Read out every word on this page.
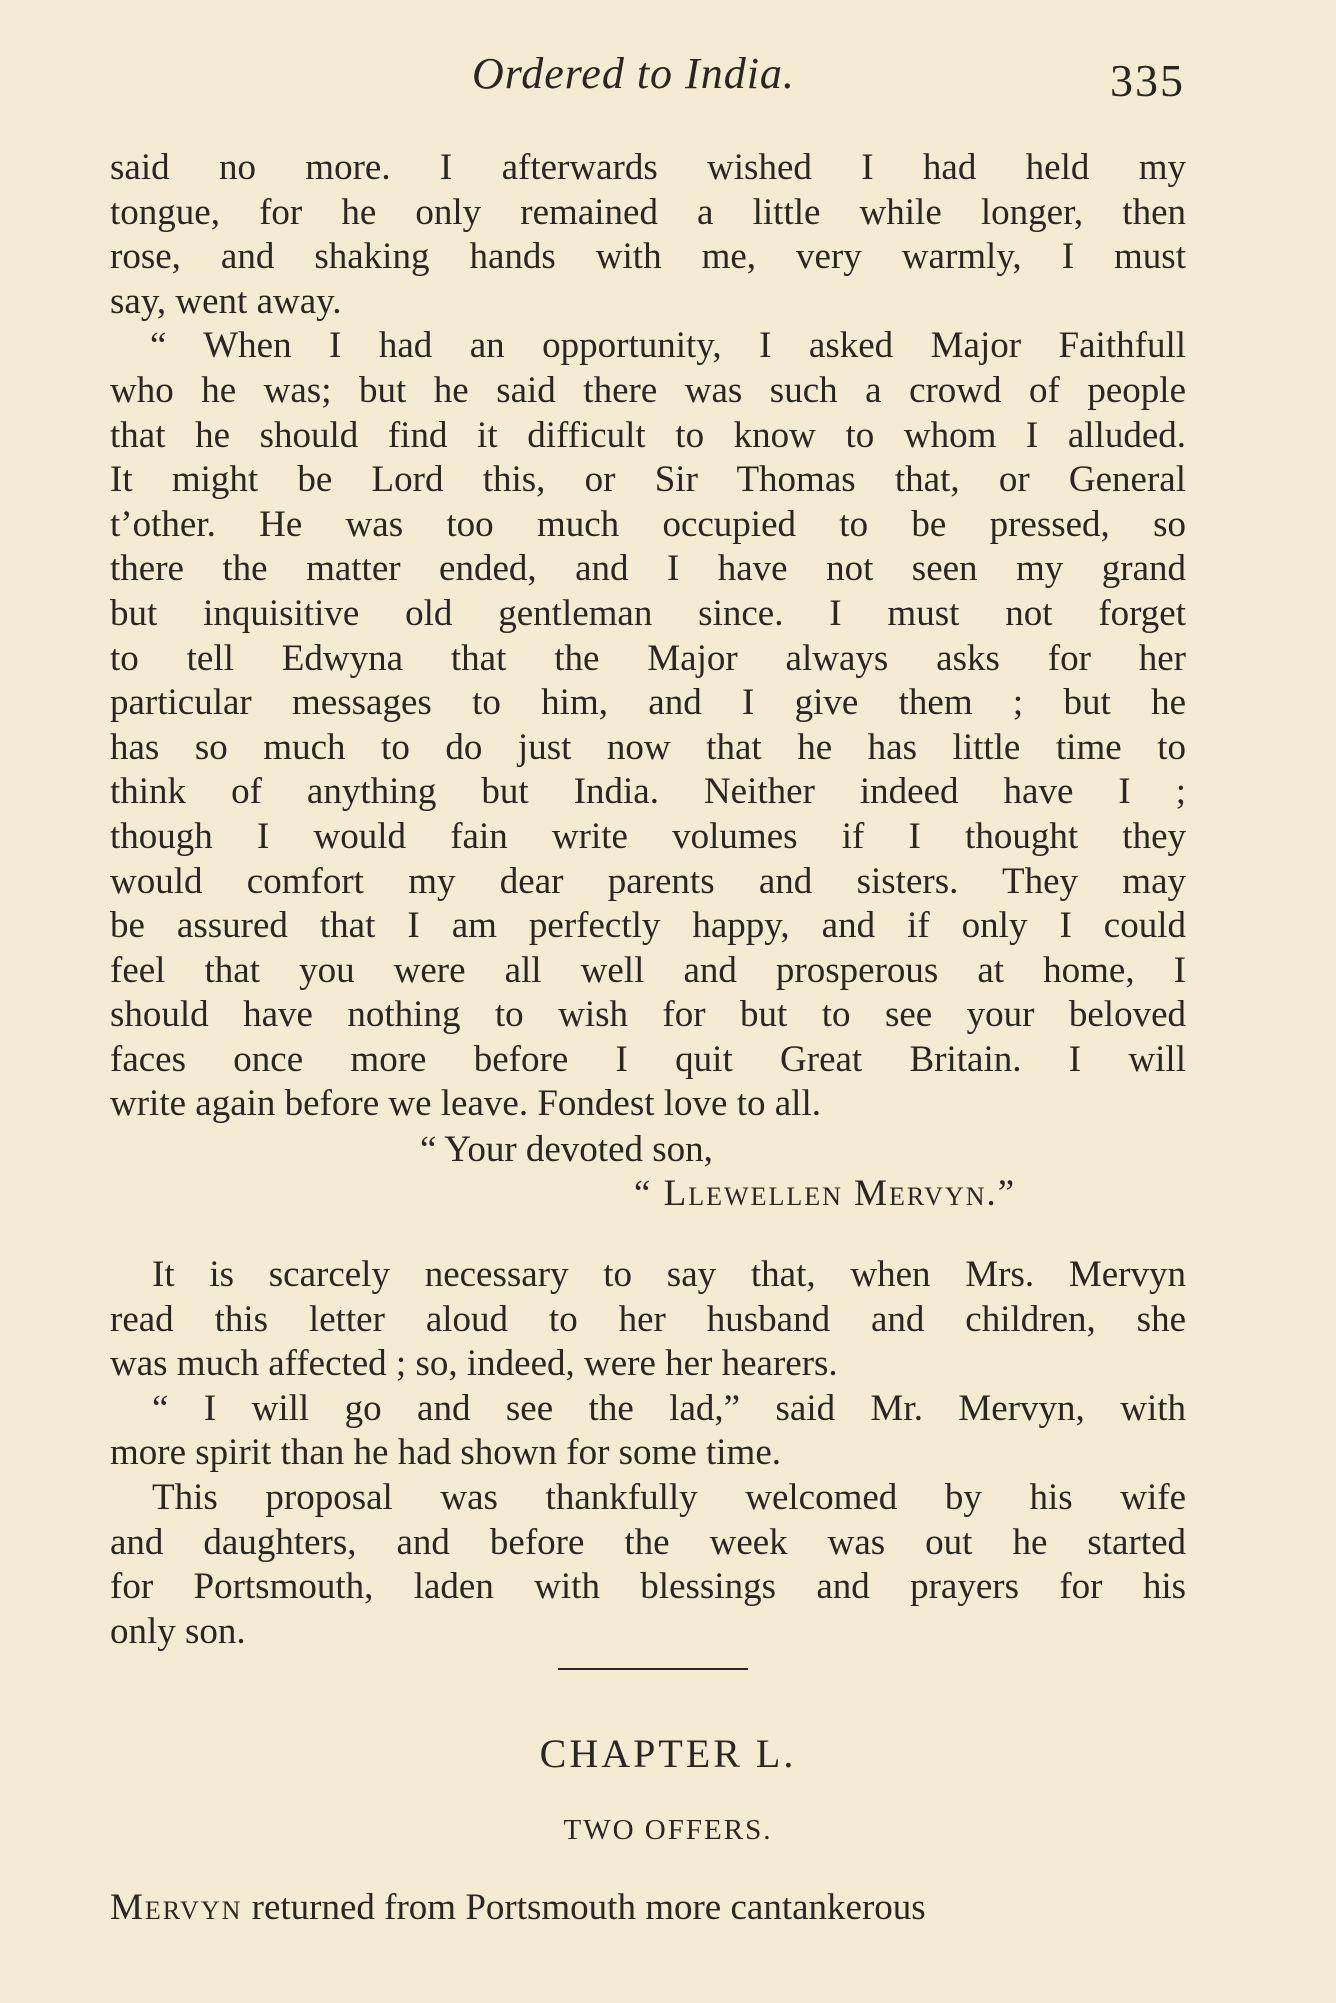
Ordered to India.	335
said no more. I afterwards wished I had held my
tongue, for he only remained a little while longer, then
rose, and shaking hands with me, very warmly, I must
say, went away.
“ When I had an opportunity, I asked Major Faithfull
who he was; but he said there was such a crowd of people
that he should find it difficult to know to whom I alluded.
It might be Lord this, or Sir Thomas that, or General
t’other. He was too much occupied to be pressed, so
there the matter ended, and I have not seen my grand
but inquisitive old gentleman since. I must not forget
to tell Edwyna that the Major always asks for her
particular messages to him, and I give them ; but he
has so much to do just now that he has little time to
think of anything but India. Neither indeed have I ;
though I would fain write volumes if I thought they
would comfort my dear parents and sisters. They may
be assured that I am perfectly happy, and if only I could
feel that you were all well and prosperous at home, I
should have nothing to wish for but to see your beloved
faces once more before I quit Great Britain. I will
write again before we leave. Fondest love to all.
“ Your devoted son,
“ Llewellen Mervyn.”
It is scarcely necessary to say that, when Mrs. Mervyn
read this letter aloud to her husband and children, she
was much affected ; so, indeed, were her hearers.
“ I will go and see the lad,” said Mr. Mervyn, with
more spirit than he had shown for some time.
This proposal was thankfully welcomed by his wife
and daughters, and before the week was out he started
for Portsmouth, laden with blessings and prayers for his
only son.
CHAPTER L.
TWO OFFERS.
Mervyn returned from Portsmouth more cantankerous
